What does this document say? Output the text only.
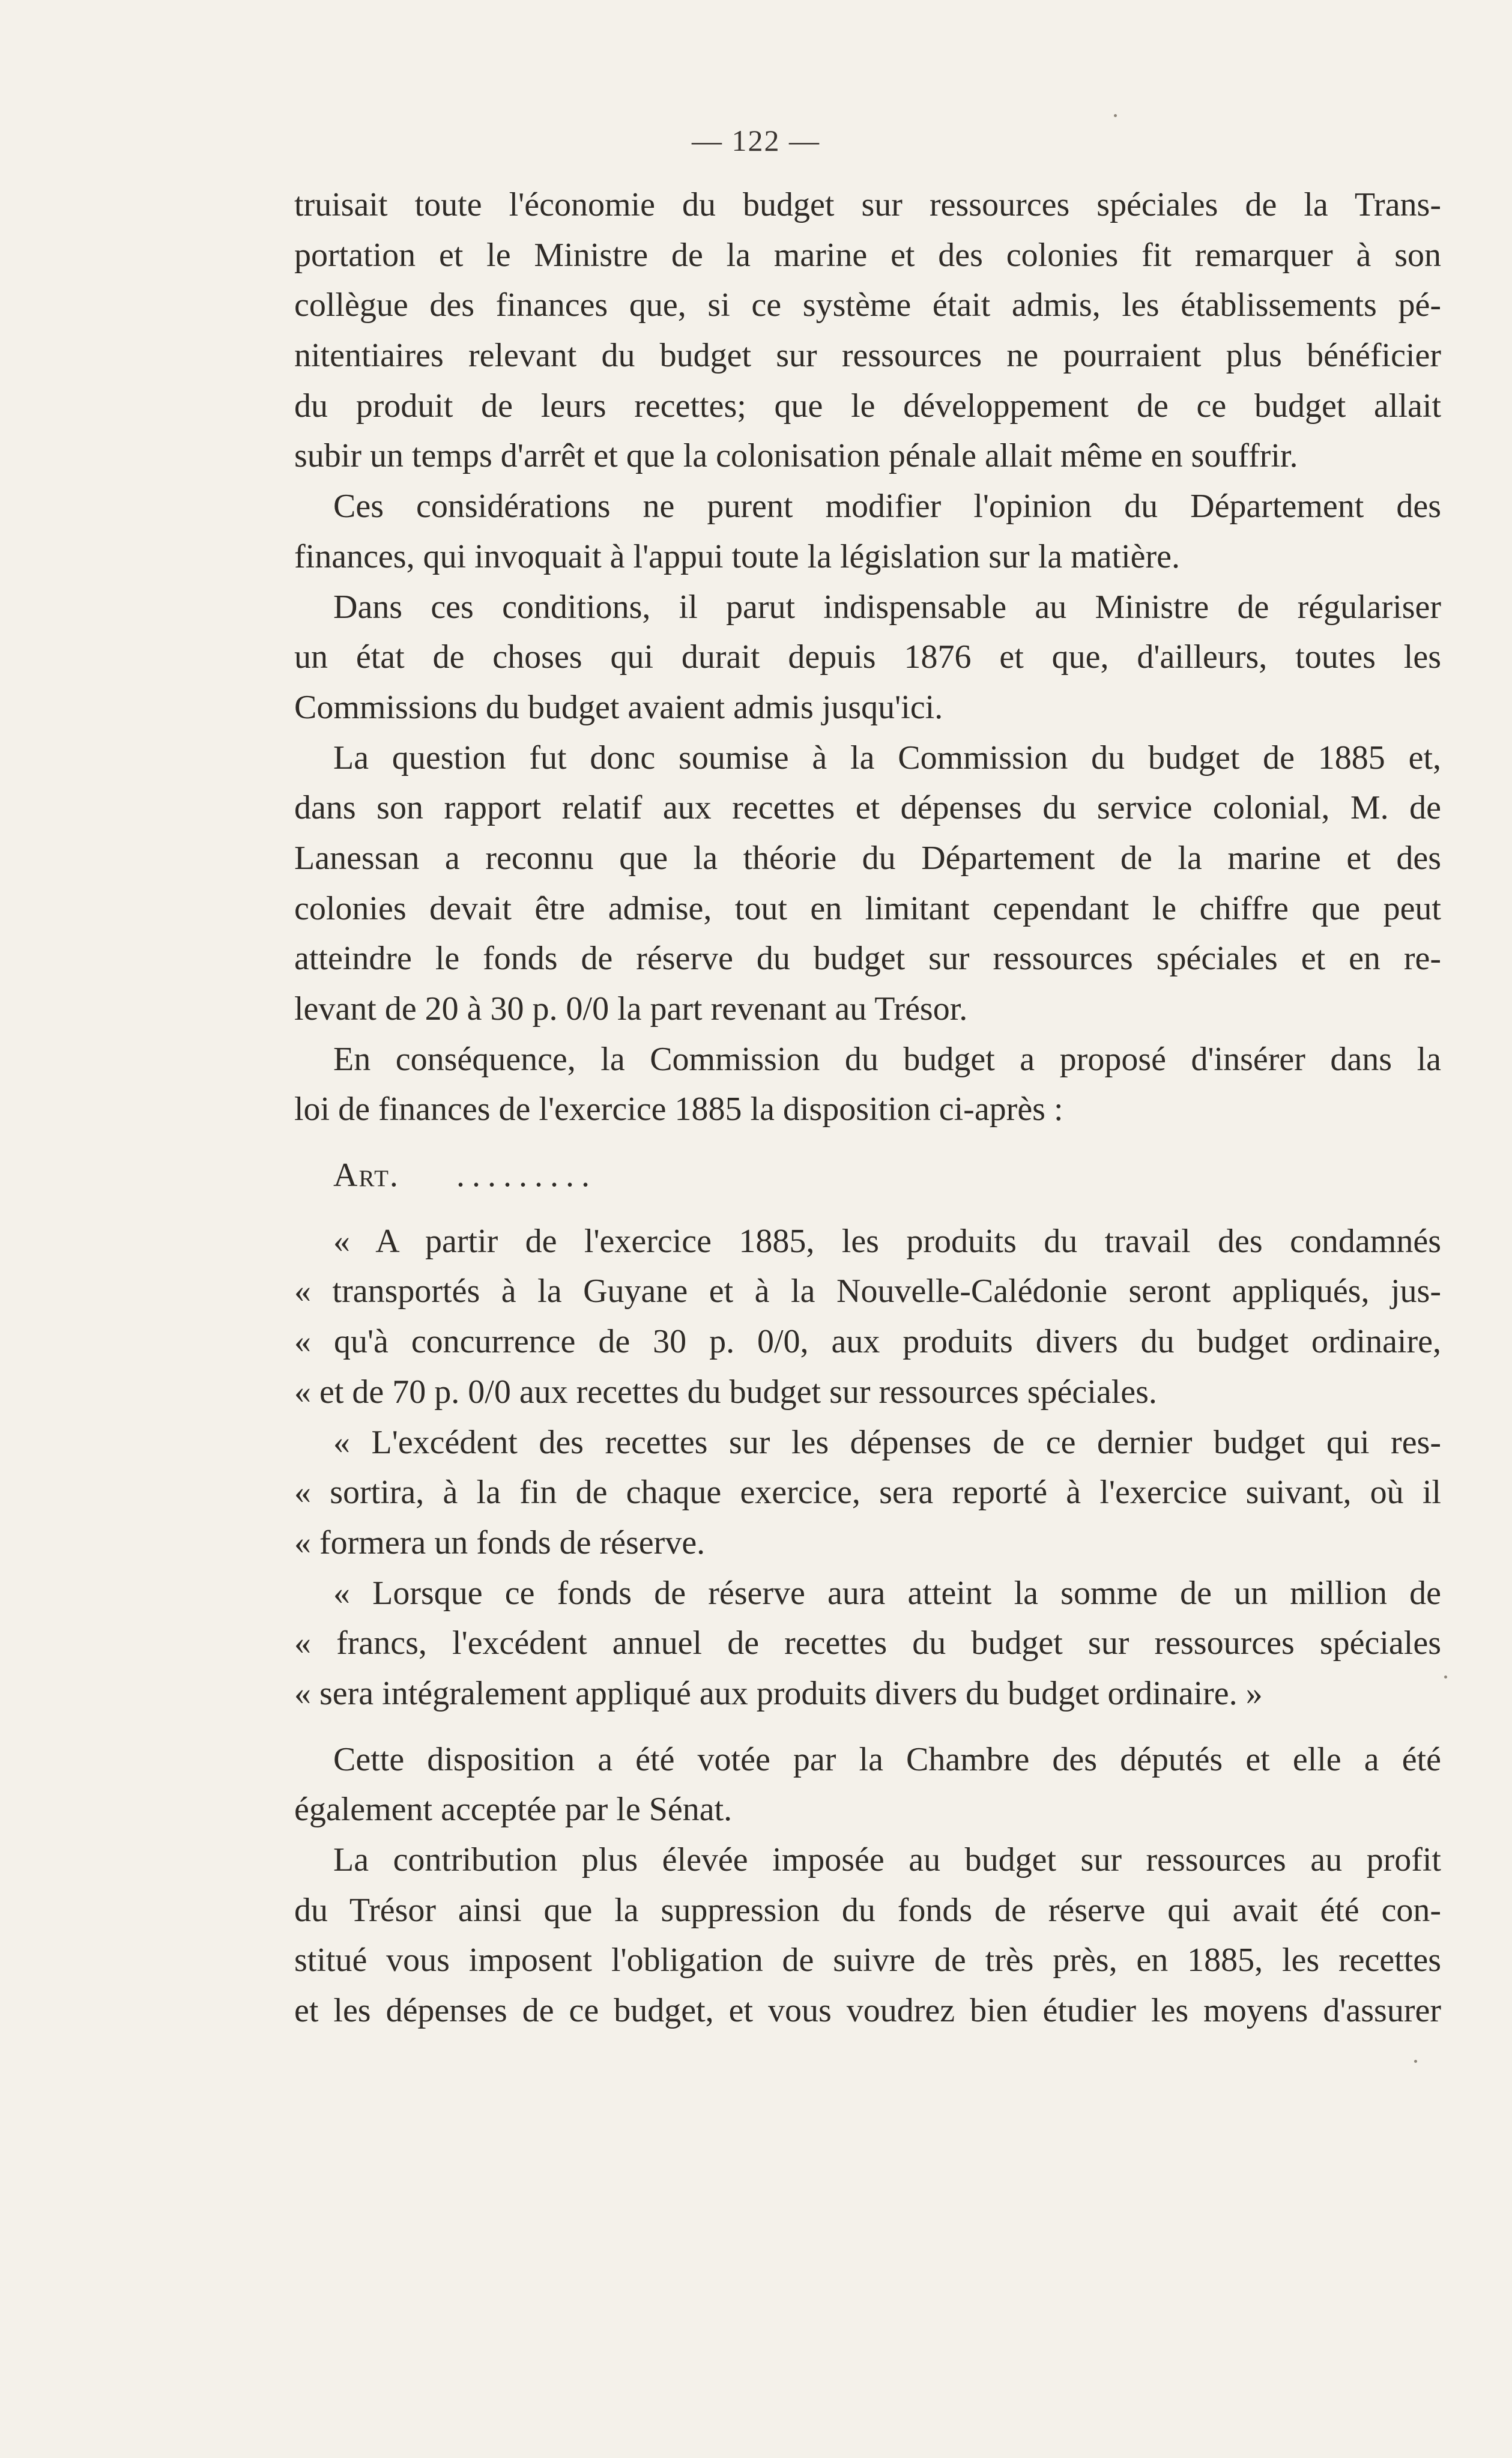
— 122 —
truisait toute l'économie du budget sur ressources spéciales de la Trans-
portation et le Ministre de la marine et des colonies fit remarquer à son
collègue des finances que, si ce système était admis, les établissements pé-
nitentiaires relevant du budget sur ressources ne pourraient plus bénéficier
du produit de leurs recettes; que le développement de ce budget allait
subir un temps d'arrêt et que la colonisation pénale allait même en souffrir.
Ces considérations ne purent modifier l'opinion du Département des
finances, qui invoquait à l'appui toute la législation sur la matière.
Dans ces conditions, il parut indispensable au Ministre de régulariser
un état de choses qui durait depuis 1876 et que, d'ailleurs, toutes les
Commissions du budget avaient admis jusqu'ici.
La question fut donc soumise à la Commission du budget de 1885 et,
dans son rapport relatif aux recettes et dépenses du service colonial, M. de
Lanessan a reconnu que la théorie du Département de la marine et des
colonies devait être admise, tout en limitant cependant le chiffre que peut
atteindre le fonds de réserve du budget sur ressources spéciales et en re-
levant de 20 à 30 p. 0/0 la part revenant au Trésor.
En conséquence, la Commission du budget a proposé d'insérer dans la
loi de finances de l'exercice 1885 la disposition ci-après :
Art. .........
« A partir de l'exercice 1885, les produits du travail des condamnés
« transportés à la Guyane et à la Nouvelle-Calédonie seront appliqués, jus-
« qu'à concurrence de 30 p. 0/0, aux produits divers du budget ordinaire,
« et de 70 p. 0/0 aux recettes du budget sur ressources spéciales.
« L'excédent des recettes sur les dépenses de ce dernier budget qui res-
« sortira, à la fin de chaque exercice, sera reporté à l'exercice suivant, où il
« formera un fonds de réserve.
« Lorsque ce fonds de réserve aura atteint la somme de un million de
« francs, l'excédent annuel de recettes du budget sur ressources spéciales
« sera intégralement appliqué aux produits divers du budget ordinaire. »
Cette disposition a été votée par la Chambre des députés et elle a été
également acceptée par le Sénat.
La contribution plus élevée imposée au budget sur ressources au profit
du Trésor ainsi que la suppression du fonds de réserve qui avait été con-
stitué vous imposent l'obligation de suivre de très près, en 1885, les recettes
et les dépenses de ce budget, et vous voudrez bien étudier les moyens d'assurer
